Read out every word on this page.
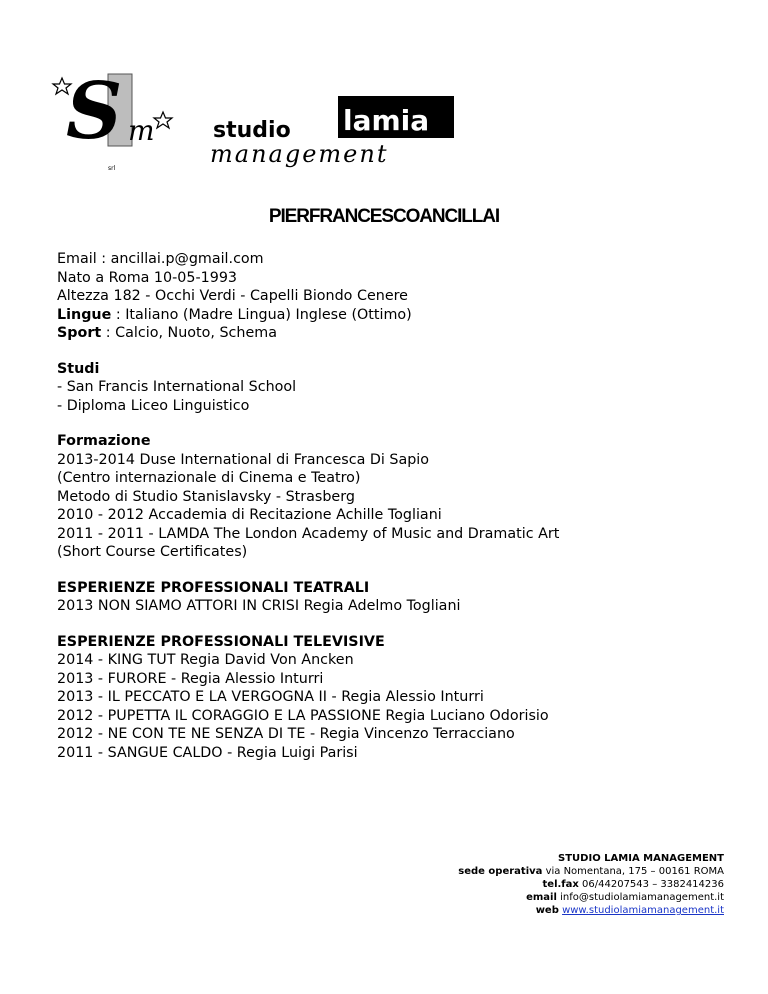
S m
srl
studio lamia
management
PIERFRANCESCOANCILLAI
Email : ancillai.p@gmail.com
Nato a Roma 10-05-1993
Altezza 182 - Occhi Verdi - Capelli Biondo Cenere
Lingue : Italiano (Madre Lingua) Inglese (Ottimo)
Sport : Calcio, Nuoto, Schema
Studi
- San Francis International School
- Diploma Liceo Linguistico
Formazione
2013-2014 Duse International di Francesca Di Sapio
(Centro internazionale di Cinema e Teatro)
Metodo di Studio Stanislavsky - Strasberg
2010 - 2012 Accademia di Recitazione Achille Togliani
2011 - 2011 - LAMDA The London Academy of Music and Dramatic Art
(Short Course Certificates)
ESPERIENZE PROFESSIONALI TEATRALI
2013 NON SIAMO ATTORI IN CRISI Regia Adelmo Togliani
ESPERIENZE PROFESSIONALI TELEVISIVE
2014 - KING TUT Regia David Von Ancken
2013 - FURORE - Regia Alessio Inturri
2013 - IL PECCATO E LA VERGOGNA II - Regia Alessio Inturri
2012 - PUPETTA IL CORAGGIO E LA PASSIONE Regia Luciano Odorisio
2012 - NE CON TE NE SENZA DI TE - Regia Vincenzo Terracciano
2011 - SANGUE CALDO - Regia Luigi Parisi
STUDIO LAMIA MANAGEMENT
sede operativa via Nomentana, 175 – 00161 ROMA
tel.fax 06/44207543 – 3382414236
email info@studiolamiamanagement.it
web www.studiolamiamanagement.it
